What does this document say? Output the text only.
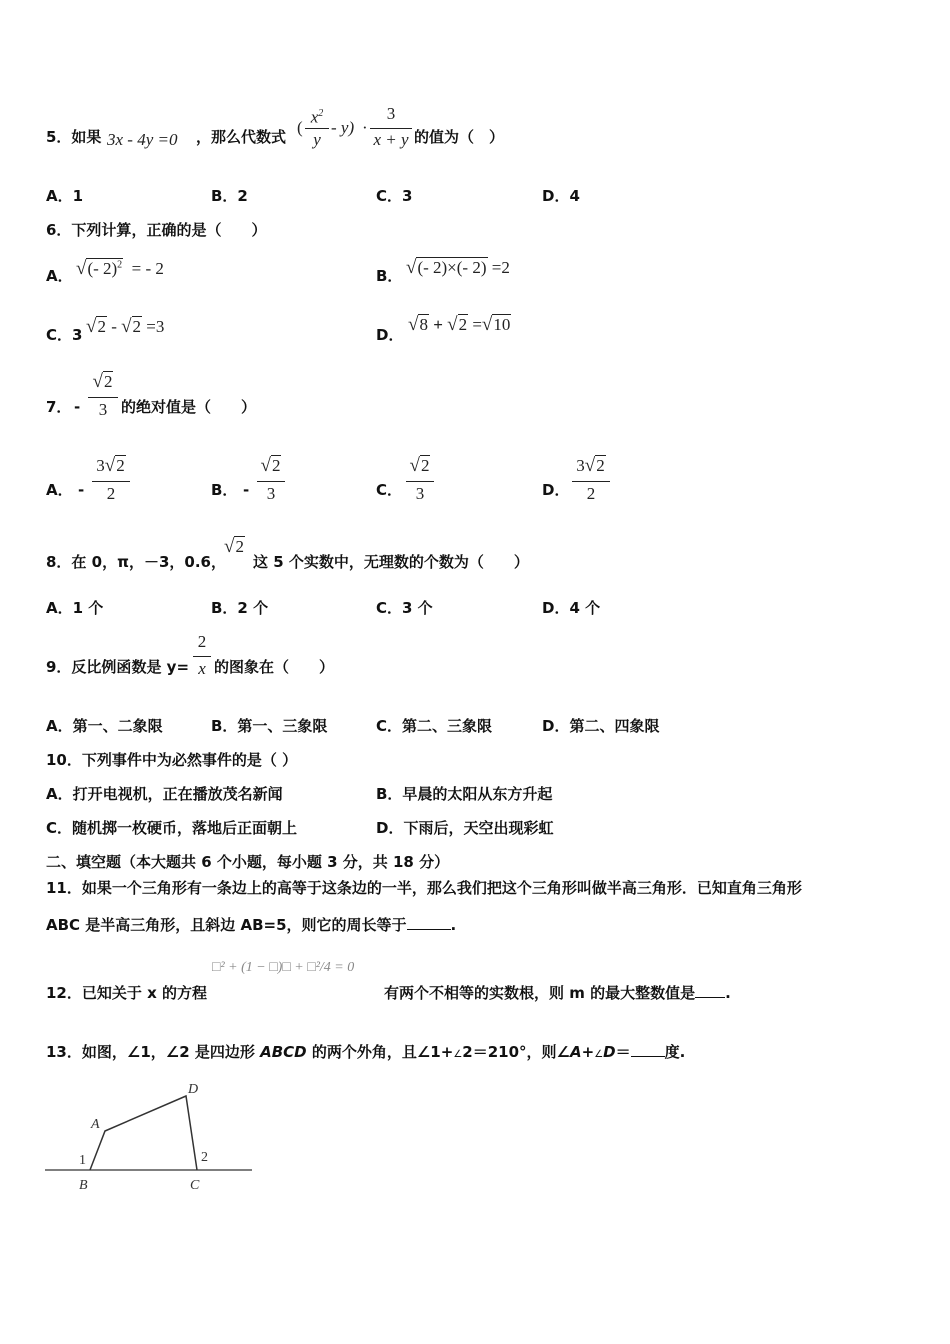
5．如果 3x - 4y =0 ，那么代数式 (
$x^2$
y
- y) ·
3
x + y 的值为（　）
A．1	B．2	C．3	D．4
6．下列计算，正确的是（　　）
A． √(- 2)$^2$ = - 2	B． √(- 2)×(- 2) =2
C．3 √2 - √2 =3	D． √8 + √2 =√10
7． -
√2
3 的绝对值是（　　）
A． -
3√2
2	B． -
√2
3	C．
√2
3	D．
3√2
2
8．在 0，π，－3，0.6，
√2
这 5 个实数中，无理数的个数为（　　）
A．1 个	B．2 个	C．3 个	D．4 个
9．反比例函数是 y=
2
x 的图象在（　　）
A．第一、二象限	B．第一、三象限	C．第二、三象限	D．第二、四象限
10．下列事件中为必然事件的是（ ）
A．打开电视机，正在播放茂名新闻	B．早晨的太阳从东方升起
C．随机掷一枚硬币，落地后正面朝上	D．下雨后，天空出现彩虹
二、填空题（本大题共 6 个小题，每小题 3 分，共 18 分）
11．如果一个三角形有一条边上的高等于这条边的一半，那么我们把这个三角形叫做半高三角形．已知直角三角形
ABC 是半高三角形，且斜边 AB=5，则它的周长等于	.
12．已知关于 x 的方程
□² + (1 − □)□ + □²/4 = 0
有两个不相等的实数根，则 m 的最大整数值是 .
13．如图，∠1，∠2 是四边形 ABCD 的两个外角，且∠1+∠2＝210°，则∠A+∠D＝ 度.
A
D
B	C
1	2
